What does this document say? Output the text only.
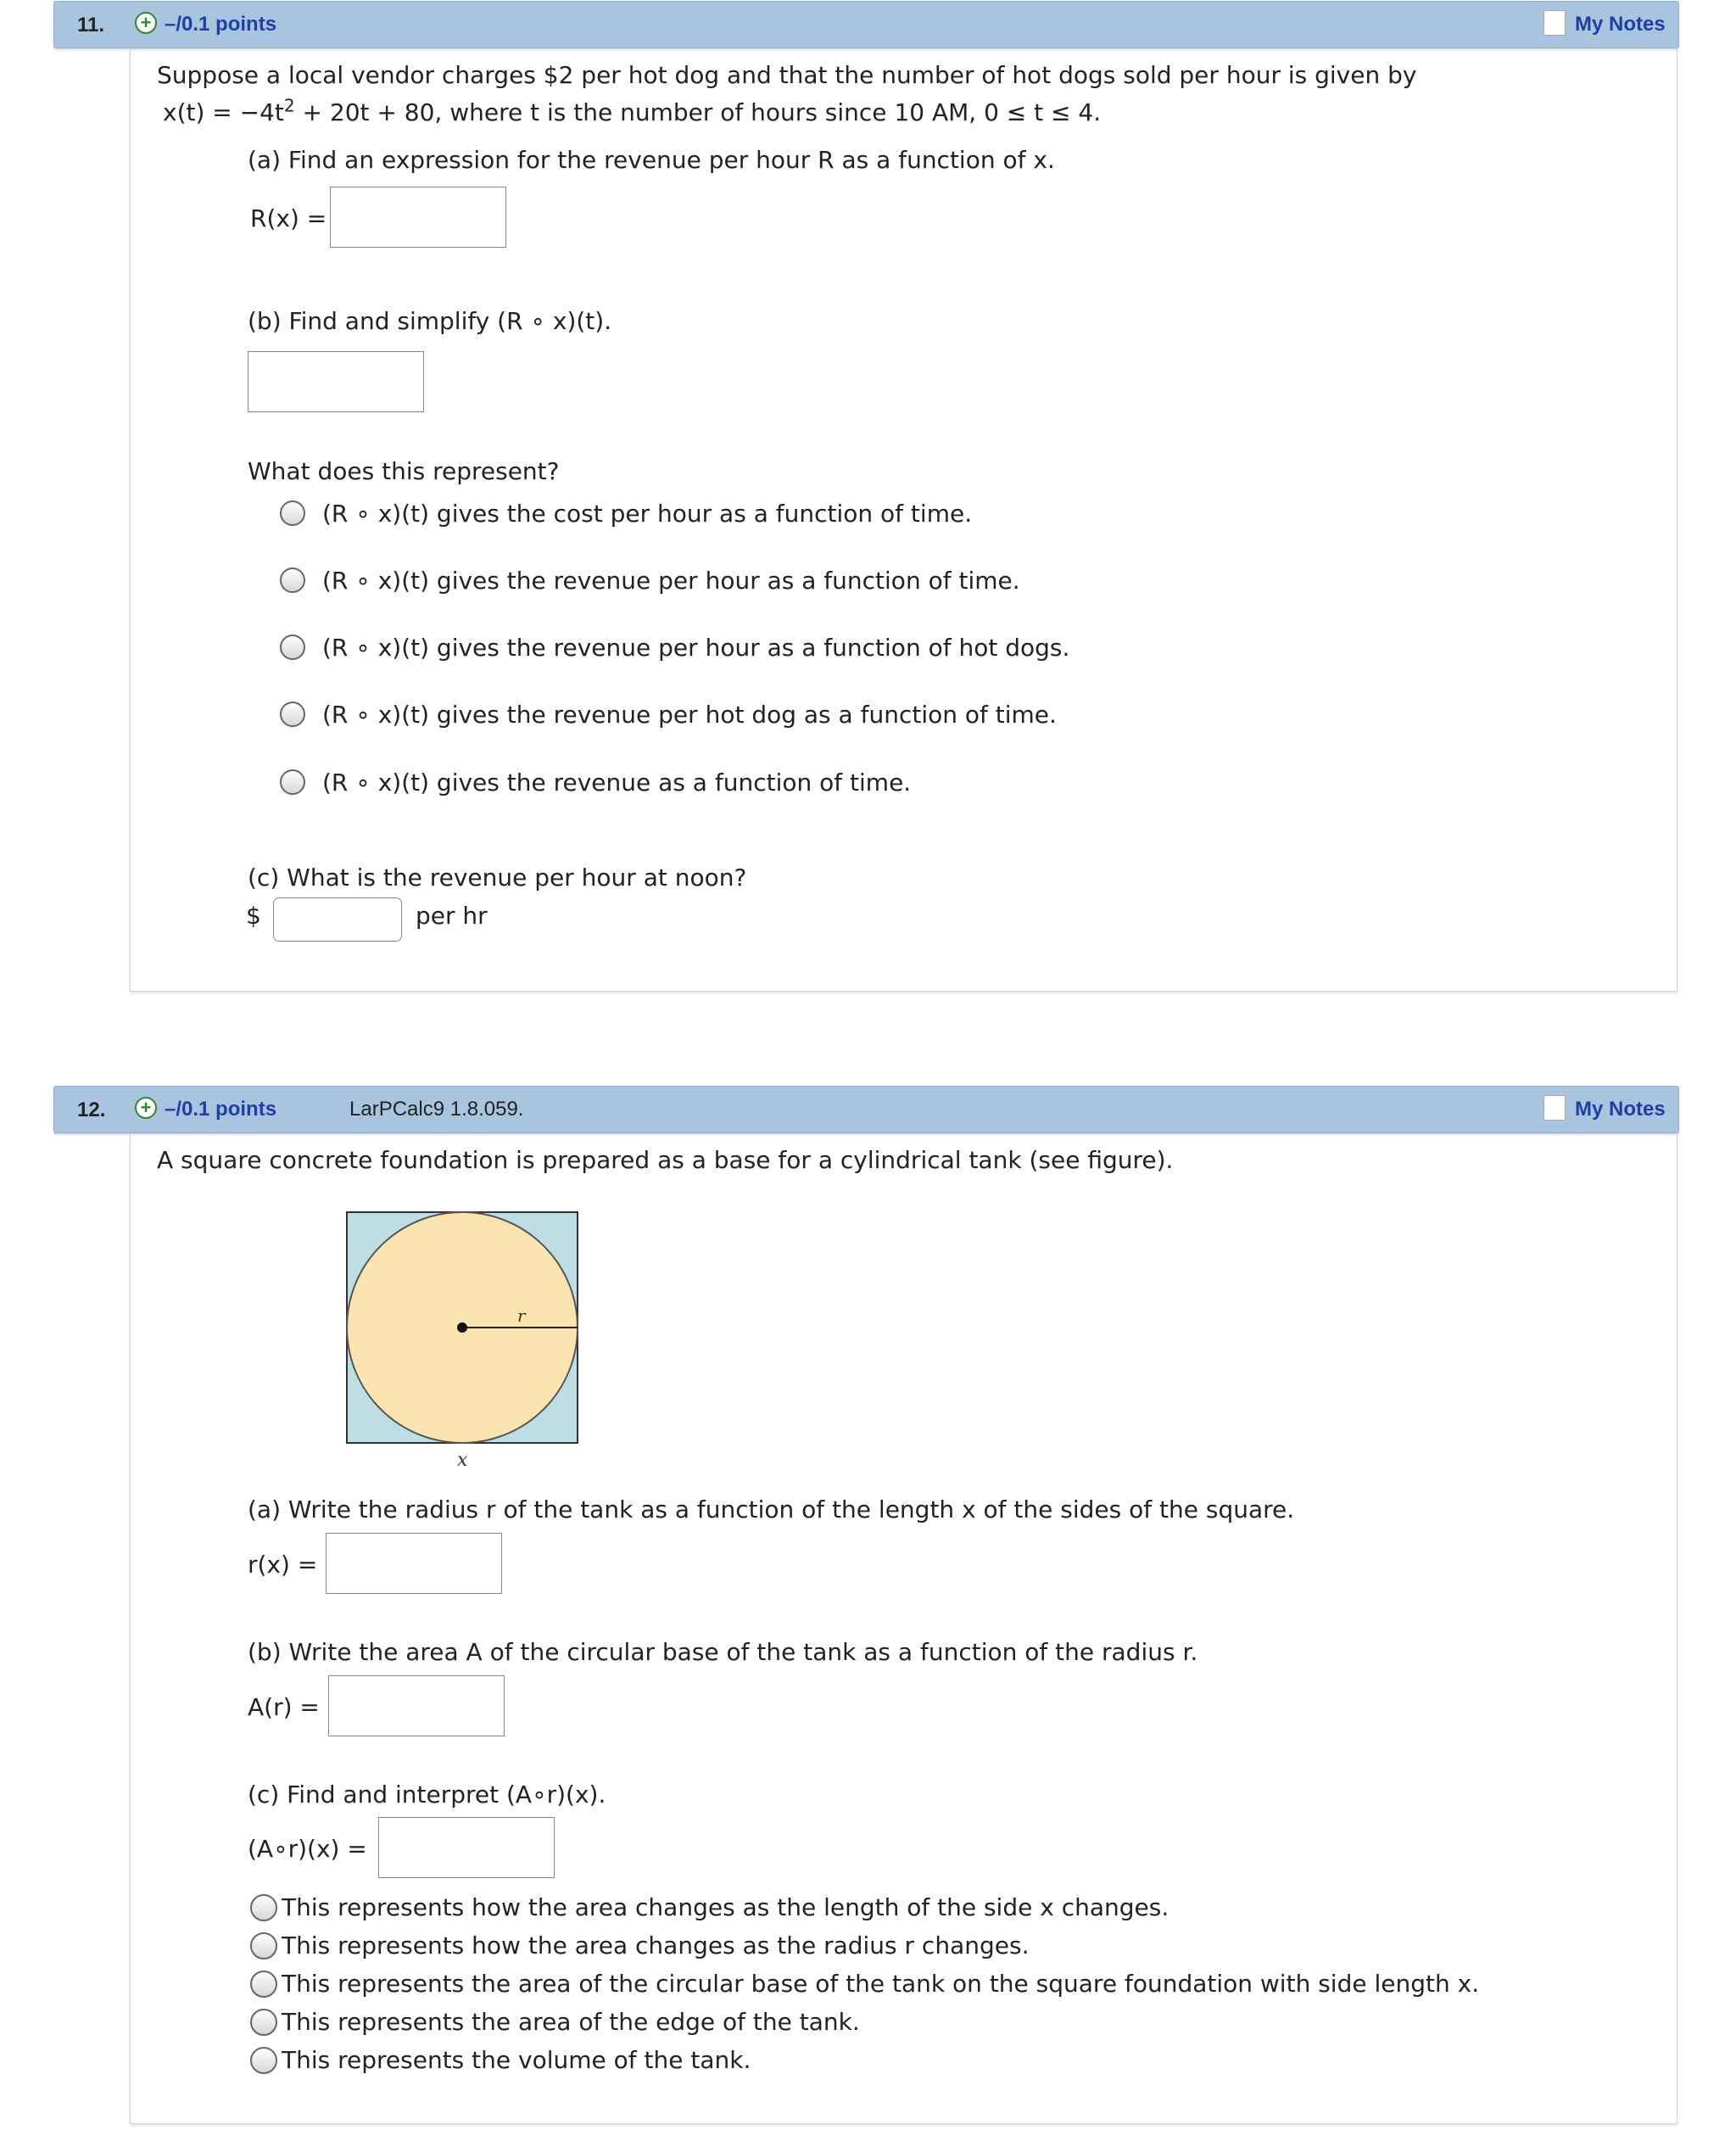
11. + –/0.1 points	My Notes
Suppose a local vendor charges $2 per hot dog and that the number of hot dogs sold per hour is given by
$x(t) = -4t^2 + 20t + 80$, where t is the number of hours since 10 AM, 0 ≤ t ≤ 4.
(a) Find an expression for the revenue per hour R as a function of x.
R(x) =
(b) Find and simplify (R ∘ x)(t).
What does this represent?
(R ∘ x)(t) gives the cost per hour as a function of time.
(R ∘ x)(t) gives the revenue per hour as a function of time.
(R ∘ x)(t) gives the revenue per hour as a function of hot dogs.
(R ∘ x)(t) gives the revenue per hot dog as a function of time.
(R ∘ x)(t) gives the revenue as a function of time.
(c) What is the revenue per hour at noon?
$	per hr
12. + –/0.1 points	LarPCalc9 1.8.059.	My Notes
A square concrete foundation is prepared as a base for a cylindrical tank (see figure).
r
x
(a) Write the radius r of the tank as a function of the length x of the sides of the square.
r(x) =
(b) Write the area A of the circular base of the tank as a function of the radius r.
A(r) =
(c) Find and interpret (A∘r)(x).
(A∘r)(x) =
This represents how the area changes as the length of the side x changes.
This represents how the area changes as the radius r changes.
This represents the area of the circular base of the tank on the square foundation with side length x.
This represents the area of the edge of the tank.
This represents the volume of the tank.
